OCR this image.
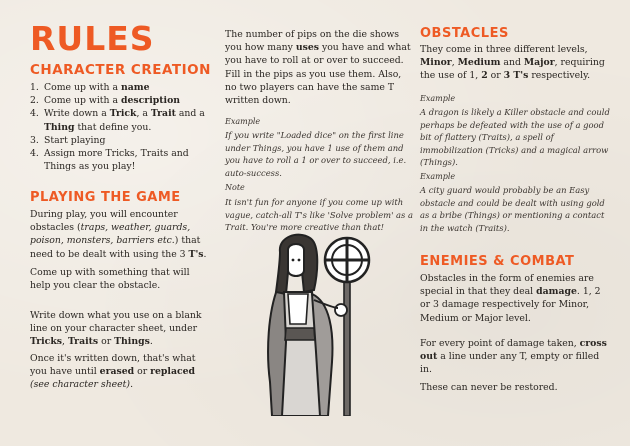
RULES
CHARACTER CREATION
1. Come up with a name
2. Come up with a description
4. Write down a Trick, a Trait and a Thing that define you.
3. Start playing
4. Assign more Tricks, Traits and Things as you play!
PLAYING THE GAME
During play, you will encounter obstacles (traps, weather, guards, poison, monsters, barriers etc.) that need to be dealt with using the 3 T's.
Come up with something that will help you clear the obstacle.
Write down what you use on a blank line on your character sheet, under Tricks, Traits or Things.
Once it's written down, that's what you have until erased or replaced (see character sheet).
The number of pips on the die shows you how many uses you have and what you have to roll at or over to succeed. Fill in the pips as you use them. Also, no two players can have the same T written down.
Example
If you write "Loaded dice" on the first line under Things, you have 1 use of them and you have to roll a 1 or over to succeed, i.e. auto-success.
Note
It isn't fun for anyone if you come up with vague, catch-all T's like 'Solve problem' as a Trait. You're more creative than that!
OBSTACLES
They come in three different levels, Minor, Medium and Major, requiring the use of 1, 2 or 3 T's respectively.
Example
A dragon is likely a Killer obstacle and could perhaps be defeated with the use of a good bit of flattery (Traits), a spell of immobilization (Tricks) and a magical arrow (Things).
Example
A city guard would probably be an Easy obstacle and could be dealt with using gold as a bribe (Things) or mentioning a contact in the watch (Traits).
ENEMIES & COMBAT
Obstacles in the form of enemies are special in that they deal damage. 1, 2 or 3 damage respectively for Minor, Medium or Major level.
For every point of damage taken, cross out a line under any T, empty or filled in.
These can never be restored.
